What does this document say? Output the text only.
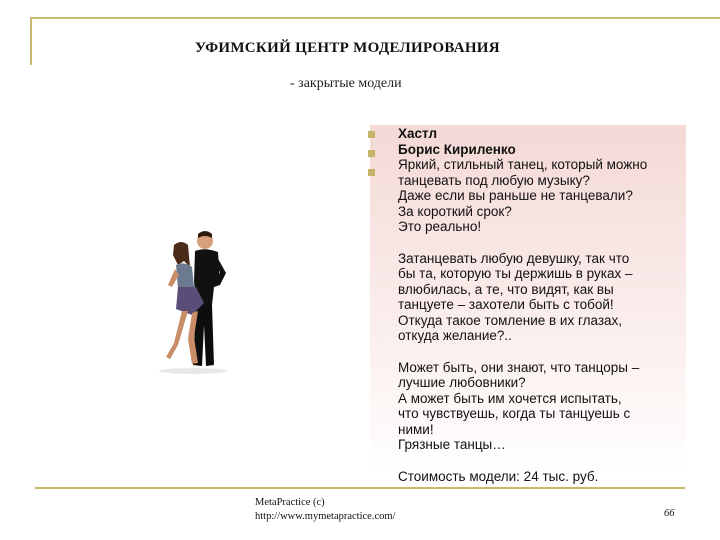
УФИМСКИЙ ЦЕНТР МОДЕЛИРОВАНИЯ
- закрытые модели
Хастл
Борис Кириленко
Яркий, стильный танец, который можно
танцевать под любую музыку?
Даже если вы раньше не танцевали?
За короткий срок?
Это реально!
Затанцевать любую девушку, так что
бы та, которую ты держишь в руках –
влюбилась, а те, что видят, как вы
танцуете – захотели быть с тобой!
Откуда такое томление в их глазах,
откуда желание?..
Может быть, они знают, что танцоры –
лучшие любовники?
А может быть им хочется испытать,
что чувствуешь, когда ты танцуешь с
ними!
Грязные танцы…
Стоимость модели: 24 тыс. руб.
MetaPractice (c)
http://www.mymetapractice.com/	66
